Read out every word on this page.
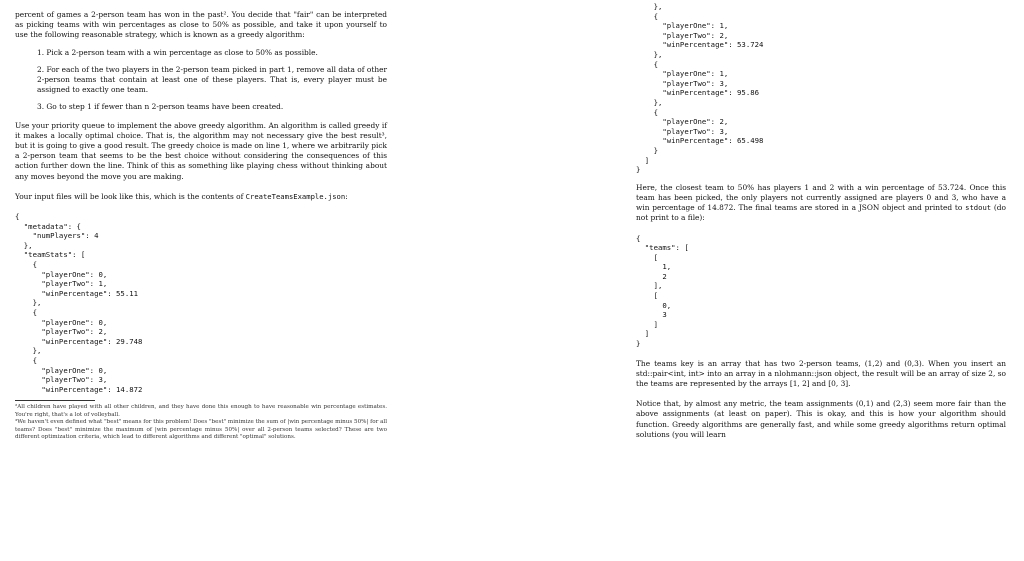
percent of games a 2-person team has won in the past². You decide that "fair" can be interpreted as picking teams with win percentages as close to 50% as possible, and take it upon yourself to use the following reasonable strategy, which is known as a greedy algorithm:

1. Pick a 2-person team with a win percentage as close to 50% as possible.
2. For each of the two players in the 2-person team picked in part 1, remove all data of other 2-person teams that contain at least one of these players. That is, every player must be assigned to exactly one team.
3. Go to step 1 if fewer than n 2-person teams have been created.

Use your priority queue to implement the above greedy algorithm. An algorithm is called greedy if it makes a locally optimal choice. That is, the algorithm may not necessary give the best result³, but it is going to give a good result. The greedy choice is made on line 1, where we arbitrarily pick a 2-person team that seems to be the best choice without considering the consequences of this action further down the line. Think of this as something like playing chess without thinking about any moves beyond the move you are making.

Your input files will be look like this, which is the contents of CreateTeamsExample.json:

{
"metadata": {
"numPlayers": 4
},
"teamStats": [
{
"playerOne": 0,
"playerTwo": 1,
"winPercentage": 55.11
},
{
"playerOne": 0,
"playerTwo": 2,
"winPercentage": 29.748
},
{
"playerOne": 0,
"playerTwo": 3,
"winPercentage": 14.872

²All children have played with all other children, and they have done this enough to have reasonable win percentage estimates. You're right, that's a lot of volleyball.

³We haven't even defined what "best" means for this problem! Does "best" minimize the sum of |win percentage minus 50%| for all teams? Does "best" minimize the maximum of |win percentage minus 50%| over all 2-person teams selected? These are two different optimization criteria, which lead to different algorithms and different "optimal" solutions.

},
{
"playerOne": 1,
"playerTwo": 2,
"winPercentage": 53.724
},
{
"playerOne": 1,
"playerTwo": 3,
"winPercentage": 95.86
},
{
"playerOne": 2,
"playerTwo": 3,
"winPercentage": 65.498
}
]
}

Here, the closest team to 50% has players 1 and 2 with a win percentage of 53.724. Once this team has been picked, the only players not currently assigned are players 0 and 3, who have a win percentage of 14.872. The final teams are stored in a JSON object and printed to stdout (do not print to a file):

{
"teams": [
[
1,
2
],
[
0,
3
]
]
}

The teams key is an array that has two 2-person teams, (1,2) and (0,3). When you insert an std::pair<int, int> into an array in a nlohmann::json object, the result will be an array of size 2, so the teams are represented by the arrays [1, 2] and [0, 3].

Notice that, by almost any metric, the team assignments (0,1) and (2,3) seem more fair than the above assignments (at least on paper). This is okay, and this is how your algorithm should function. Greedy algorithms are generally fast, and while some greedy algorithms return optimal solutions (you will learn
